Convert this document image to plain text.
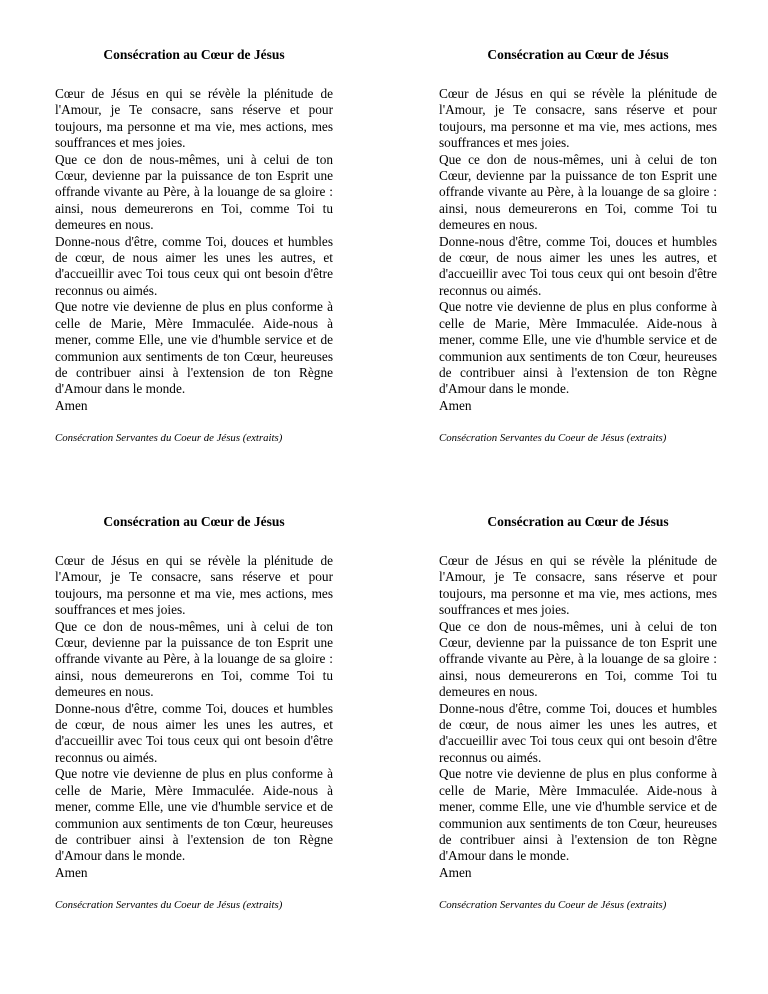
Consécration au Cœur de Jésus

Cœur de Jésus en qui se révèle la plénitude de l'Amour, je Te consacre, sans réserve et pour toujours, ma personne et ma vie, mes actions, mes souffrances et mes joies.

Que ce don de nous-mêmes, uni à celui de ton Cœur, devienne par la puissance de ton Esprit une offrande vivante au Père, à la louange de sa gloire : ainsi, nous demeurerons en Toi, comme Toi tu demeures en nous.

Donne-nous d'être, comme Toi, douces et humbles de cœur, de nous aimer les unes les autres, et d'accueillir avec Toi tous ceux qui ont besoin d'être reconnus ou aimés.

Que notre vie devienne de plus en plus conforme à celle de Marie, Mère Immaculée. Aide-nous à mener, comme Elle, une vie d'humble service et de communion aux sentiments de ton Cœur, heureuses de contribuer ainsi à l'extension de ton Règne d'Amour dans le monde.

Amen

Consécration Servantes du Coeur de Jésus (extraits)
Consécration au Cœur de Jésus

Cœur de Jésus en qui se révèle la plénitude de l'Amour, je Te consacre, sans réserve et pour toujours, ma personne et ma vie, mes actions, mes souffrances et mes joies.

Que ce don de nous-mêmes, uni à celui de ton Cœur, devienne par la puissance de ton Esprit une offrande vivante au Père, à la louange de sa gloire : ainsi, nous demeurerons en Toi, comme Toi tu demeures en nous.

Donne-nous d'être, comme Toi, douces et humbles de cœur, de nous aimer les unes les autres, et d'accueillir avec Toi tous ceux qui ont besoin d'être reconnus ou aimés.

Que notre vie devienne de plus en plus conforme à celle de Marie, Mère Immaculée. Aide-nous à mener, comme Elle, une vie d'humble service et de communion aux sentiments de ton Cœur, heureuses de contribuer ainsi à l'extension de ton Règne d'Amour dans le monde.

Amen

Consécration Servantes du Coeur de Jésus (extraits)
Consécration au Cœur de Jésus

Cœur de Jésus en qui se révèle la plénitude de l'Amour, je Te consacre, sans réserve et pour toujours, ma personne et ma vie, mes actions, mes souffrances et mes joies.

Que ce don de nous-mêmes, uni à celui de ton Cœur, devienne par la puissance de ton Esprit une offrande vivante au Père, à la louange de sa gloire : ainsi, nous demeurerons en Toi, comme Toi tu demeures en nous.

Donne-nous d'être, comme Toi, douces et humbles de cœur, de nous aimer les unes les autres, et d'accueillir avec Toi tous ceux qui ont besoin d'être reconnus ou aimés.

Que notre vie devienne de plus en plus conforme à celle de Marie, Mère Immaculée. Aide-nous à mener, comme Elle, une vie d'humble service et de communion aux sentiments de ton Cœur, heureuses de contribuer ainsi à l'extension de ton Règne d'Amour dans le monde.

Amen

Consécration Servantes du Coeur de Jésus (extraits)
Consécration au Cœur de Jésus

Cœur de Jésus en qui se révèle la plénitude de l'Amour, je Te consacre, sans réserve et pour toujours, ma personne et ma vie, mes actions, mes souffrances et mes joies.

Que ce don de nous-mêmes, uni à celui de ton Cœur, devienne par la puissance de ton Esprit une offrande vivante au Père, à la louange de sa gloire : ainsi, nous demeurerons en Toi, comme Toi tu demeures en nous.

Donne-nous d'être, comme Toi, douces et humbles de cœur, de nous aimer les unes les autres, et d'accueillir avec Toi tous ceux qui ont besoin d'être reconnus ou aimés.

Que notre vie devienne de plus en plus conforme à celle de Marie, Mère Immaculée. Aide-nous à mener, comme Elle, une vie d'humble service et de communion aux sentiments de ton Cœur, heureuses de contribuer ainsi à l'extension de ton Règne d'Amour dans le monde.

Amen

Consécration Servantes du Coeur de Jésus (extraits)
